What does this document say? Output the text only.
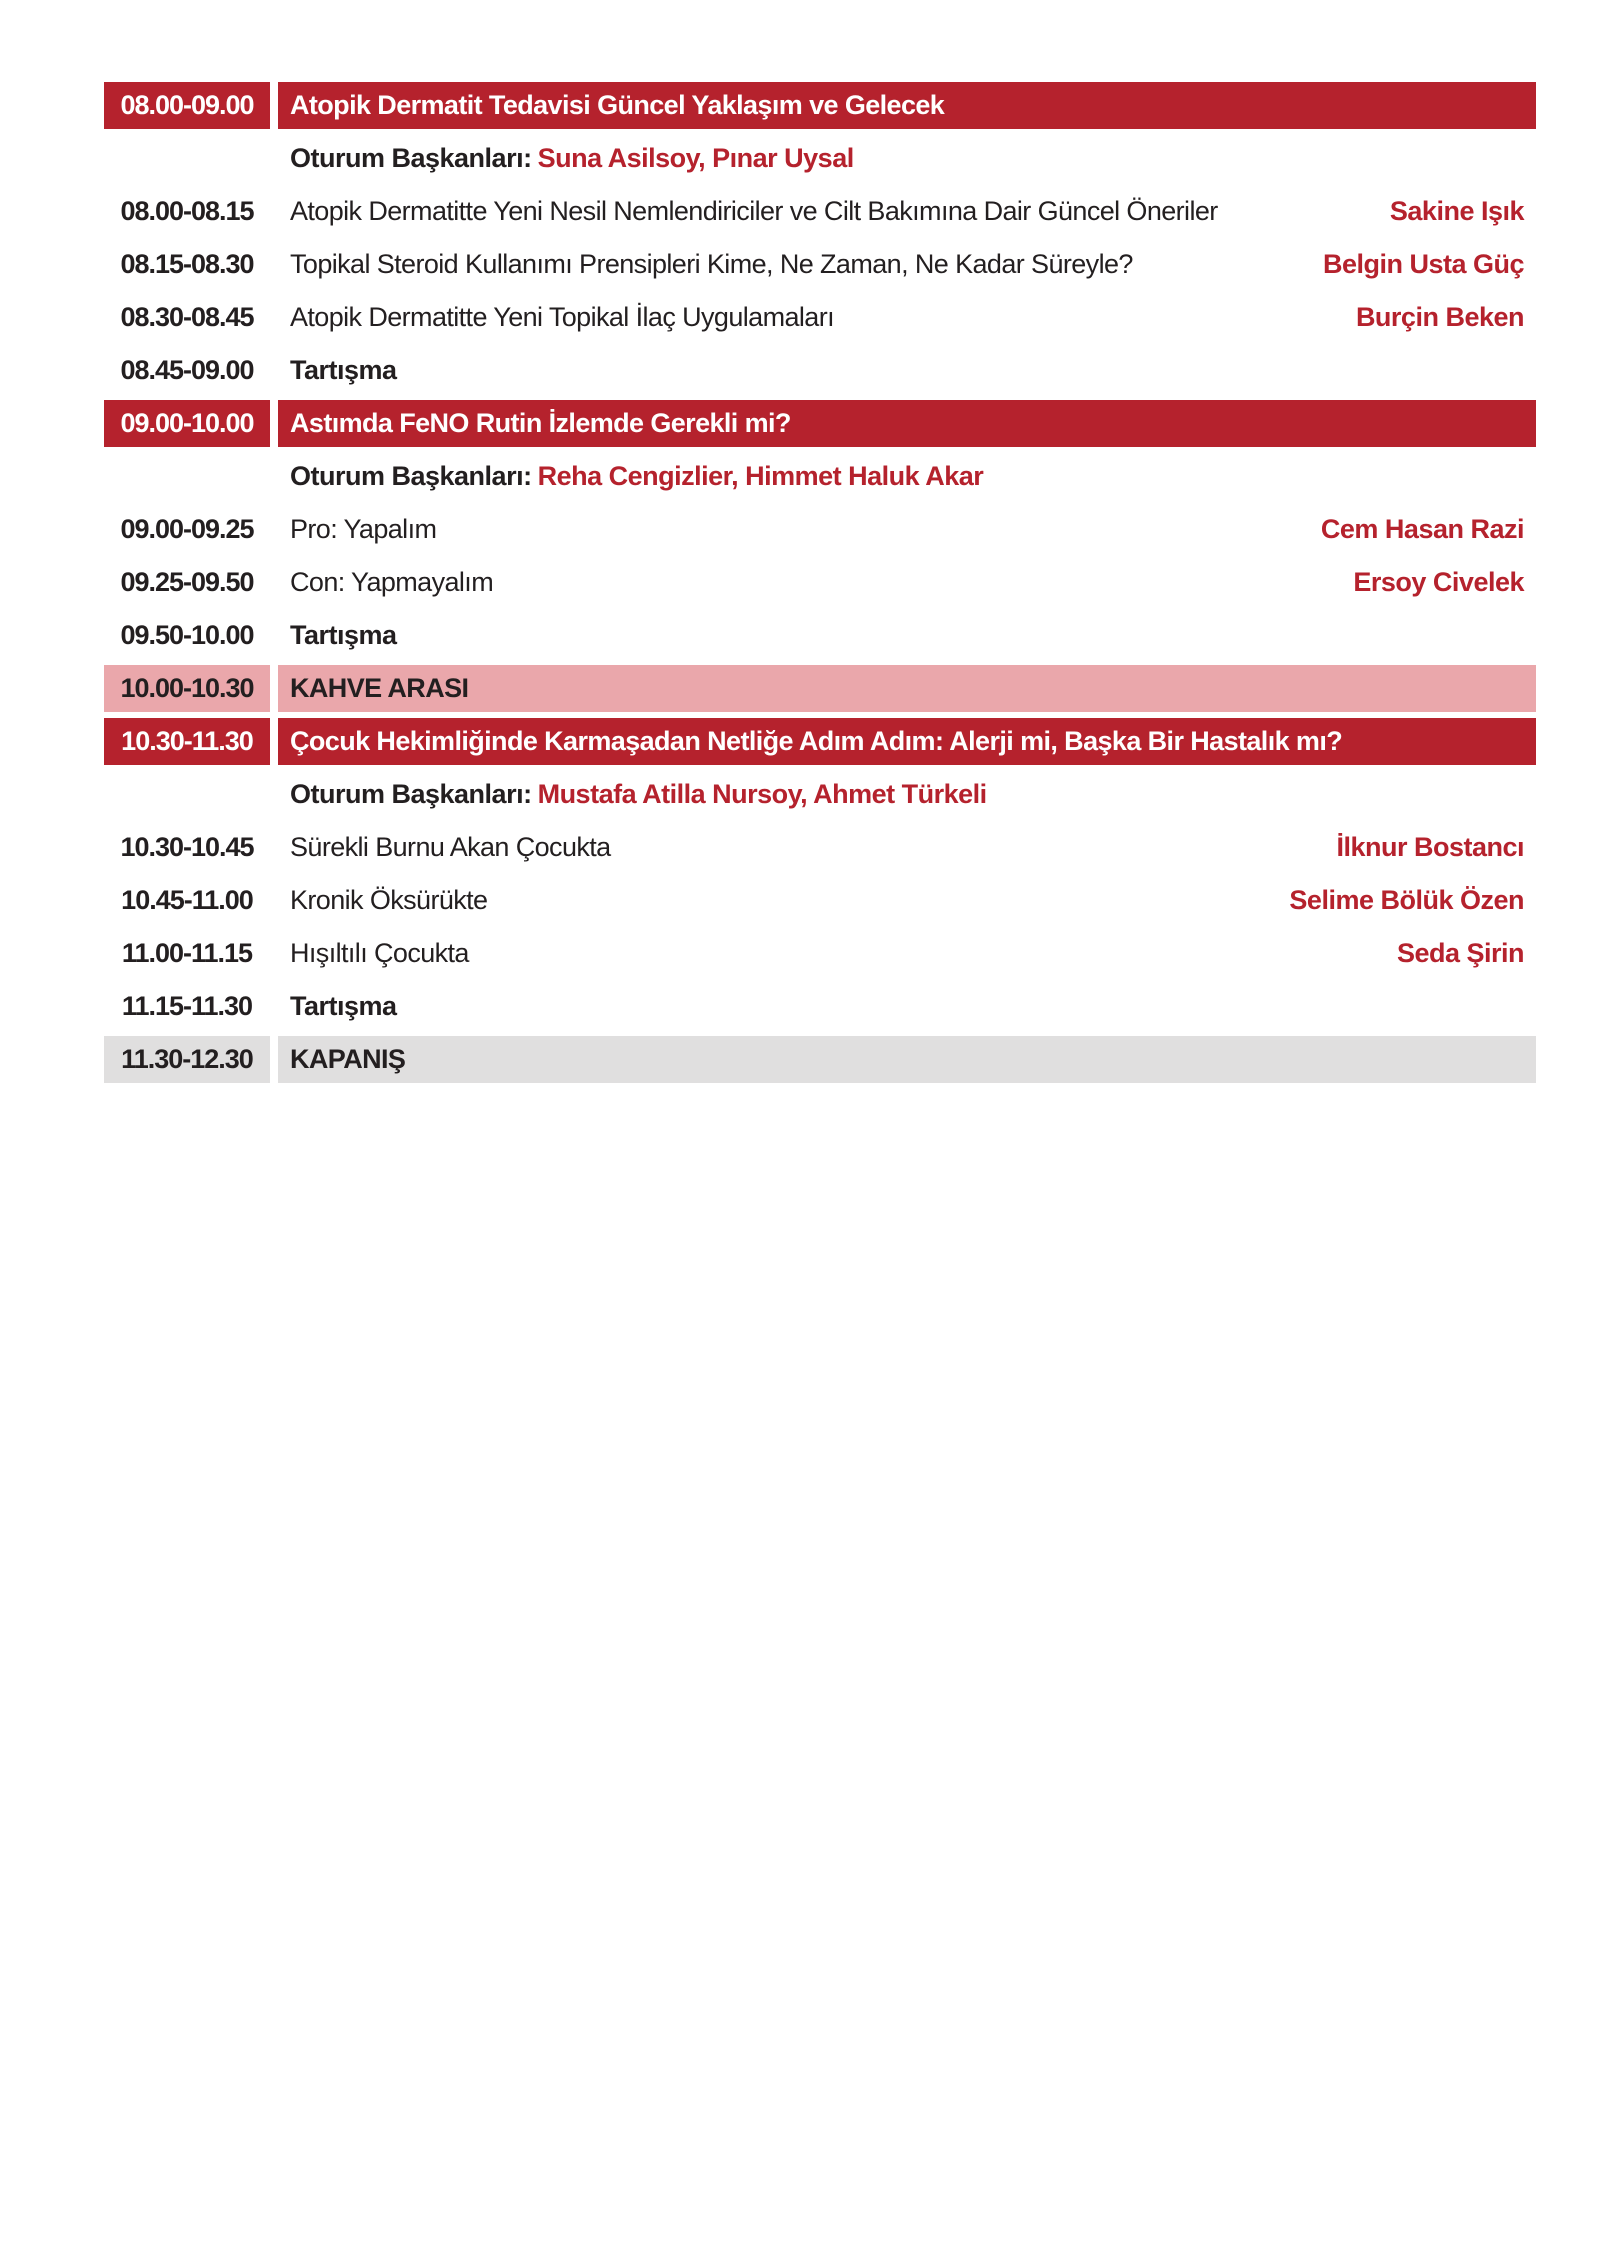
08.00-09.00	Atopik Dermatit Tedavisi Güncel Yaklaşım ve Gelecek
Oturum Başkanları: Suna Asilsoy, Pınar Uysal
08.00-08.15	Atopik Dermatitte Yeni Nesil Nemlendiriciler ve Cilt Bakımına Dair Güncel Öneriler	Sakine Işık
08.15-08.30	Topikal Steroid Kullanımı Prensipleri Kime, Ne Zaman, Ne Kadar Süreyle?	Belgin Usta Güç
08.30-08.45	Atopik Dermatitte Yeni Topikal İlaç Uygulamaları	Burçin Beken
08.45-09.00	Tartışma
09.00-10.00	Astımda FeNO Rutin İzlemde Gerekli mi?
Oturum Başkanları: Reha Cengizlier, Himmet Haluk Akar
09.00-09.25	Pro: Yapalım	Cem Hasan Razi
09.25-09.50	Con: Yapmayalım	Ersoy Civelek
09.50-10.00	Tartışma
10.00-10.30	KAHVE ARASI
10.30-11.30	Çocuk Hekimliğinde Karmaşadan Netliğe Adım Adım: Alerji mi, Başka Bir Hastalık mı?
Oturum Başkanları: Mustafa Atilla Nursoy, Ahmet Türkeli
10.30-10.45	Sürekli Burnu Akan Çocukta	İlknur Bostancı
10.45-11.00	Kronik Öksürükte	Selime Bölük Özen
11.00-11.15	Hışıltılı Çocukta	Seda Şirin
11.15-11.30	Tartışma
11.30-12.30	KAPANIŞ
